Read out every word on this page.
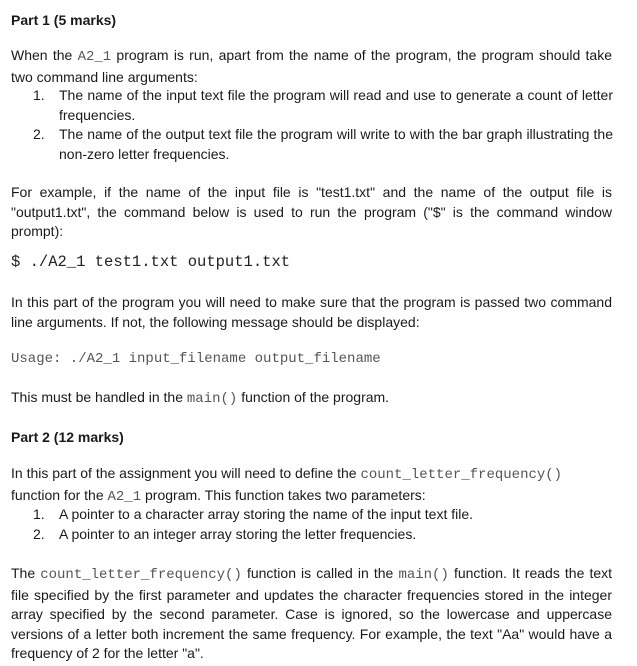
Part 1 (5 marks)

When the A2_1 program is run, apart from the name of the program, the program should take two command line arguments:

1. The name of the input text file the program will read and use to generate a count of letter frequencies.
2. The name of the output text file the program will write to with the bar graph illustrating the non-zero letter frequencies.

For example, if the name of the input file is "test1.txt" and the name of the output file is "output1.txt", the command below is used to run the program ("$" is the command window prompt):

$ ./A2_1 test1.txt output1.txt

In this part of the program you will need to make sure that the program is passed two command line arguments. If not, the following message should be displayed:

Usage: ./A2_1 input_filename output_filename

This must be handled in the main() function of the program.

Part 2 (12 marks)

In this part of the assignment you will need to define the count_letter_frequency()
function for the A2_1 program. This function takes two parameters:

1. A pointer to a character array storing the name of the input text file.
2. A pointer to an integer array storing the letter frequencies.

The count_letter_frequency() function is called in the main() function. It reads the text file specified by the first parameter and updates the character frequencies stored in the integer array specified by the second parameter. Case is ignored, so the lowercase and uppercase versions of a letter both increment the same frequency. For example, the text "Aa" would have a frequency of 2 for the letter "a".
